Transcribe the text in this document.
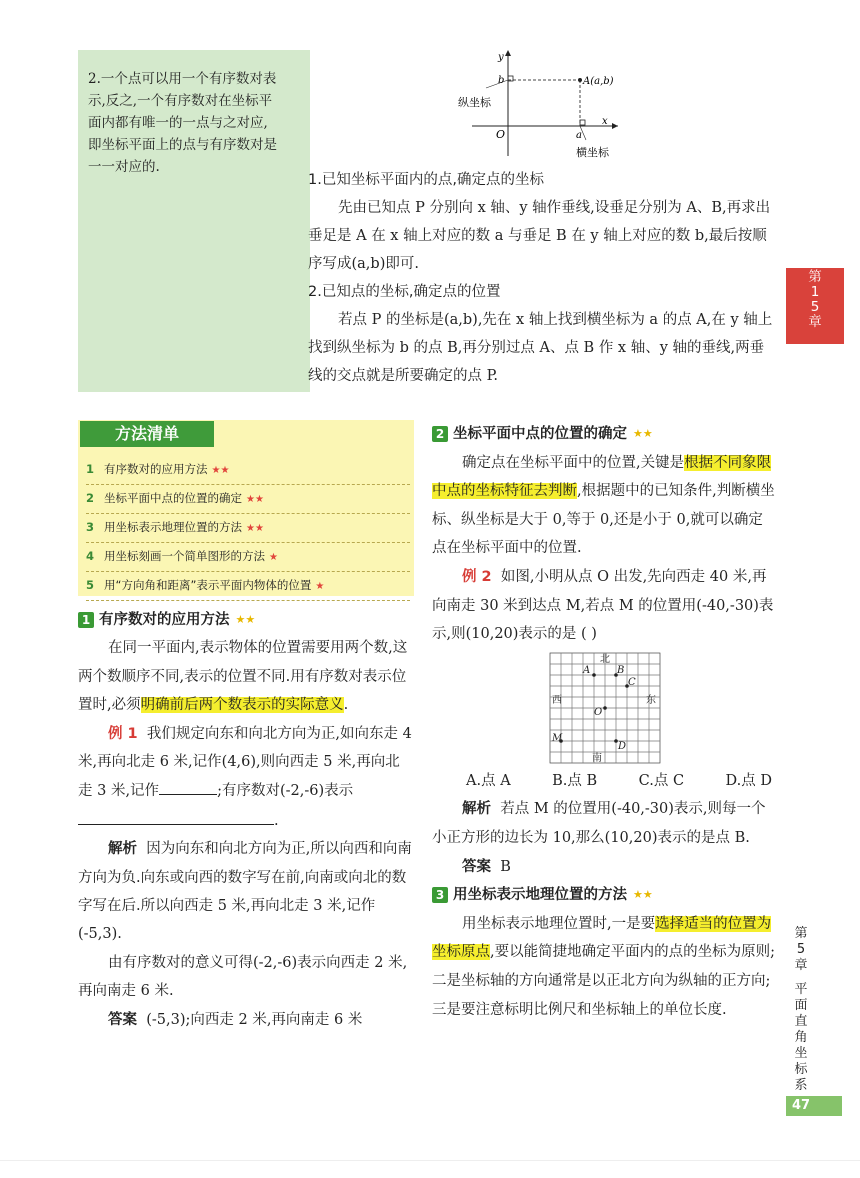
2.一个点可以用一个有序数对表示,反之,一个有序数对在坐标平面内都有唯一的一点与之对应,即坐标平面上的点与有序数对是一一对应的.
y
x
O
b
a
A(a,b)
纵坐标
横坐标
1.已知坐标平面内的点,确定点的坐标

先由已知点 P 分别向 x 轴、y 轴作垂线,设垂足分别为 A、B,再求出垂足是 A 在 x 轴上对应的数 a 与垂足 B 在 y 轴上对应的数 b,最后按顺序写成(a,b)即可.

2.已知点的坐标,确定点的位置

若点 P 的坐标是(a,b),先在 x 轴上找到横坐标为 a 的点 A,在 y 轴上找到纵坐标为 b 的点 B,再分别过点 A、点 B 作 x 轴、y 轴的垂线,两垂线的交点就是所要确定的点 P.

第
1
5
章
方法清单
1 有序数对的应用方法 ★★
2 坐标平面中点的位置的确定 ★★
3 用坐标表示地理位置的方法 ★★
4 用坐标刻画一个简单图形的方法 ★
5 用“方向角和距离”表示平面内物体的位置 ★
1 有序数对的应用方法 ★★

在同一平面内,表示物体的位置需要用两个数,这两个数顺序不同,表示的位置不同.用有序数对表示位置时,必须明确前后两个数表示的实际意义.

例 1 我们规定向东和向北方向为正,如向东走 4 米,再向北走 6 米,记作(4,6),则向西走 5 米,再向北走 3 米,记作	;有序数对(-2,-6)表示.

解析 因为向东和向北方向为正,所以向西和向南方向为负.向东或向西的数字写在前,向南或向北的数字写在后.所以向西走 5 米,再向北走 3 米,记作(-5,3).

由有序数对的意义可得(-2,-6)表示向西走 2 米,再向南走 6 米.

答案 (-5,3);向西走 2 米,再向南走 6 米

2 坐标平面中点的位置的确定 ★★

确定点在坐标平面中的位置,关键是根据不同象限中点的坐标特征去判断,根据题中的已知条件,判断横坐标、纵坐标是大于 0,等于 0,还是小于 0,就可以确定点在坐标平面中的位置.

例 2 如图,小明从点 O 出发,先向西走 40 米,再向南走 30 米到达点 M,若点 M 的位置用(-40,-30)表示,则(10,20)表示的是 ( )

A	B
C
O
M
D
北
南
西	东
A.点 A	B.点 B	C.点 C	D.点 D

解析 若点 M 的位置用(-40,-30)表示,则每一个小正方形的边长为 10,那么(10,20)表示的是点 B.

答案 B

3 用坐标表示地理位置的方法 ★★

用坐标表示地理位置时,一是要选择适当的位置为坐标原点,要以能简捷地确定平面内的点的坐标为原则;二是坐标轴的方向通常是以正北方向为纵轴的正方向;三是要注意标明比例尺和坐标轴上的单位长度.

第
5
章
平
面
直
角
坐
标
系
47
